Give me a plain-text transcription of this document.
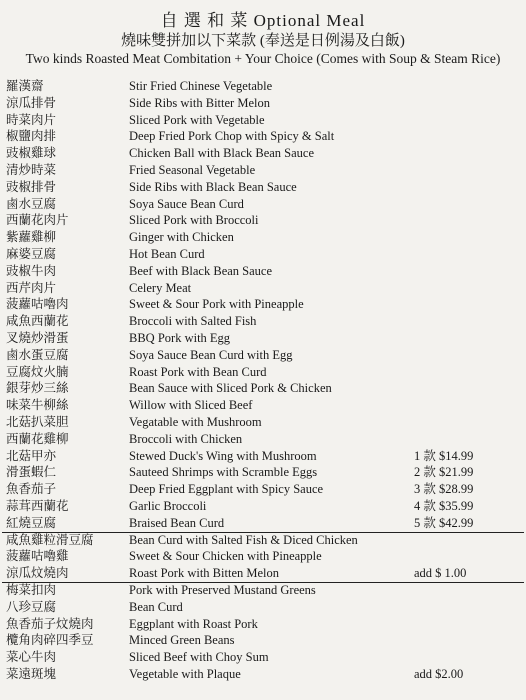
自 選 和 菜 Optional Meal
燒味雙拼加以下菜款 (奉送是日例湯及白飯)
Two kinds Roasted Meat Combitation + Your Choice (Comes with Soup & Steam Rice)
羅漢齋	Stir Fried Chinese Vegetable
涼瓜排骨	Side Ribs with Bitter Melon
時菜肉片	Sliced Pork with Vegetable
椒鹽肉排	Deep Fried Pork Chop with Spicy & Salt
豉椒雞球	Chicken Ball with Black Bean Sauce
清炒時菜	Fried Seasonal Vegetable
豉椒排骨	Side Ribs with Black Bean Sauce
鹵水豆腐	Soya Sauce Bean Curd
西蘭花肉片	Sliced Pork with Broccoli
紫蘿雞柳	Ginger with Chicken
麻婆豆腐	Hot Bean Curd
豉椒牛肉	Beef with Black Bean Sauce
西芹肉片	Celery Meat
菠蘿咕嚕肉	Sweet & Sour Pork with Pineapple
咸魚西蘭花	Broccoli with Salted Fish
叉燒炒滑蛋	BBQ Pork with Egg
鹵水蛋豆腐	Soya Sauce Bean Curd with Egg
豆腐炆火腩	Roast Pork with Bean Curd
銀芽炒三絲	Bean Sauce with Sliced Pork & Chicken
味菜牛柳絲	Willow with Sliced Beef
北菇扒菜胆	Vegatable with Mushroom
西蘭花雞柳	Broccoli with Chicken
北菇甲亦	Stewed Duck's Wing with Mushroom	1 款 $14.99
滑蛋蝦仁	Sauteed Shrimps with Scramble Eggs	2 款 $21.99
魚香茄子	Deep Fried Eggplant with Spicy Sauce	3 款 $28.99
蒜茸西蘭花	Garlic Broccoli	4 款 $35.99
紅燒豆腐	Braised Bean Curd	5 款 $42.99
咸魚雞粒滑豆腐	Bean Curd with Salted Fish & Diced Chicken
菠蘿咕嚕雞	Sweet & Sour Chicken with Pineapple
涼瓜炆燒肉	Roast Pork with Bitten Melon	add $ 1.00
梅菜扣肉	Pork with Preserved Mustand Greens
八珍豆腐	Bean Curd
魚香茄子炆燒肉	Eggplant with Roast Pork
欖角肉碎四季豆	Minced Green Beans
菜心牛肉	Sliced Beef with Choy Sum
菜遠斑塊	Vegetable with Plaque	add $2.00
